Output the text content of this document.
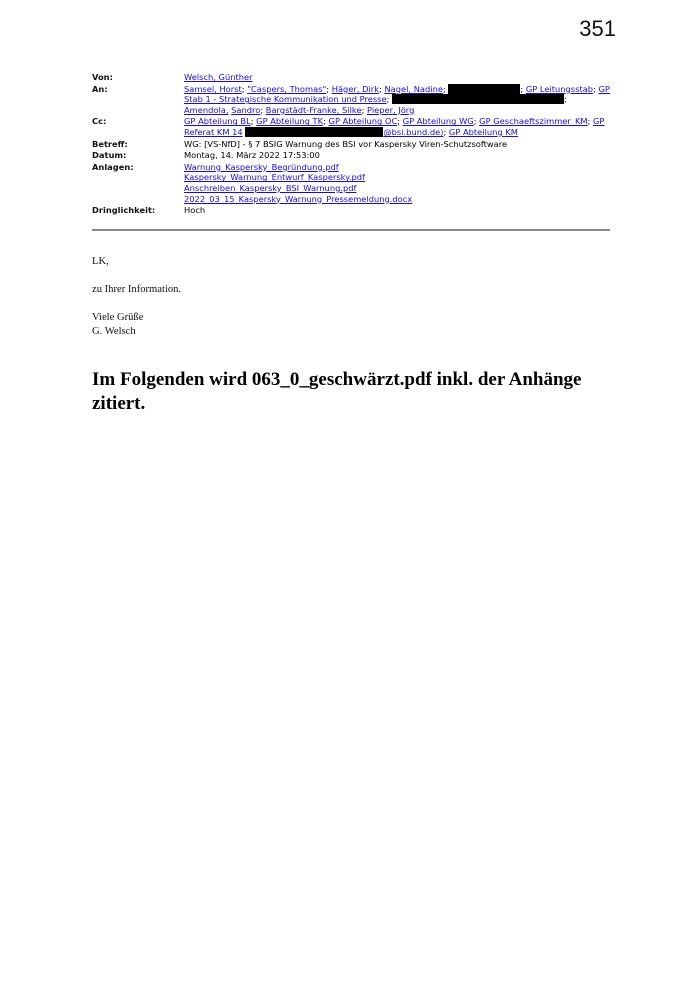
351
Von:	Welsch, Günther
An:	Samsel, Horst; "Caspers, Thomas"; Häger, Dirk; Nagel, Nadine; ; GP Leitungsstab; GP Stab 1 - Strategische Kommunikation und Presse; ; Amendola, Sandro; Bargstädt-Franke, Silke; Pieper, Jörg
Cc:	GP Abteilung BL; GP Abteilung TK; GP Abteilung OC; GP Abteilung WG; GP Geschaeftszimmer_KM; GP Referat KM 14 @bsi.bund.de); GP Abteilung KM
Betreff:	WG: [VS-NfD] - § 7 BSIG Warnung des BSI vor Kaspersky Viren-Schutzsoftware
Datum:	Montag, 14. März 2022 17:53:00
Anlagen:	Warnung_Kaspersky_Begründung.pdf
Kaspersky_Warnung_Entwurf_Kaspersky.pdf
Anschreiben_Kaspersky_BSI_Warnung.pdf
2022_03_15_Kaspersky_Warnung_Pressemeldung.docx

Dringlichkeit:	Hoch
LK,
zu Ihrer Information.
Viele Grüße
G. Welsch
Im Folgenden wird 063_0_geschwärzt.pdf inkl. der Anhänge zitiert.
